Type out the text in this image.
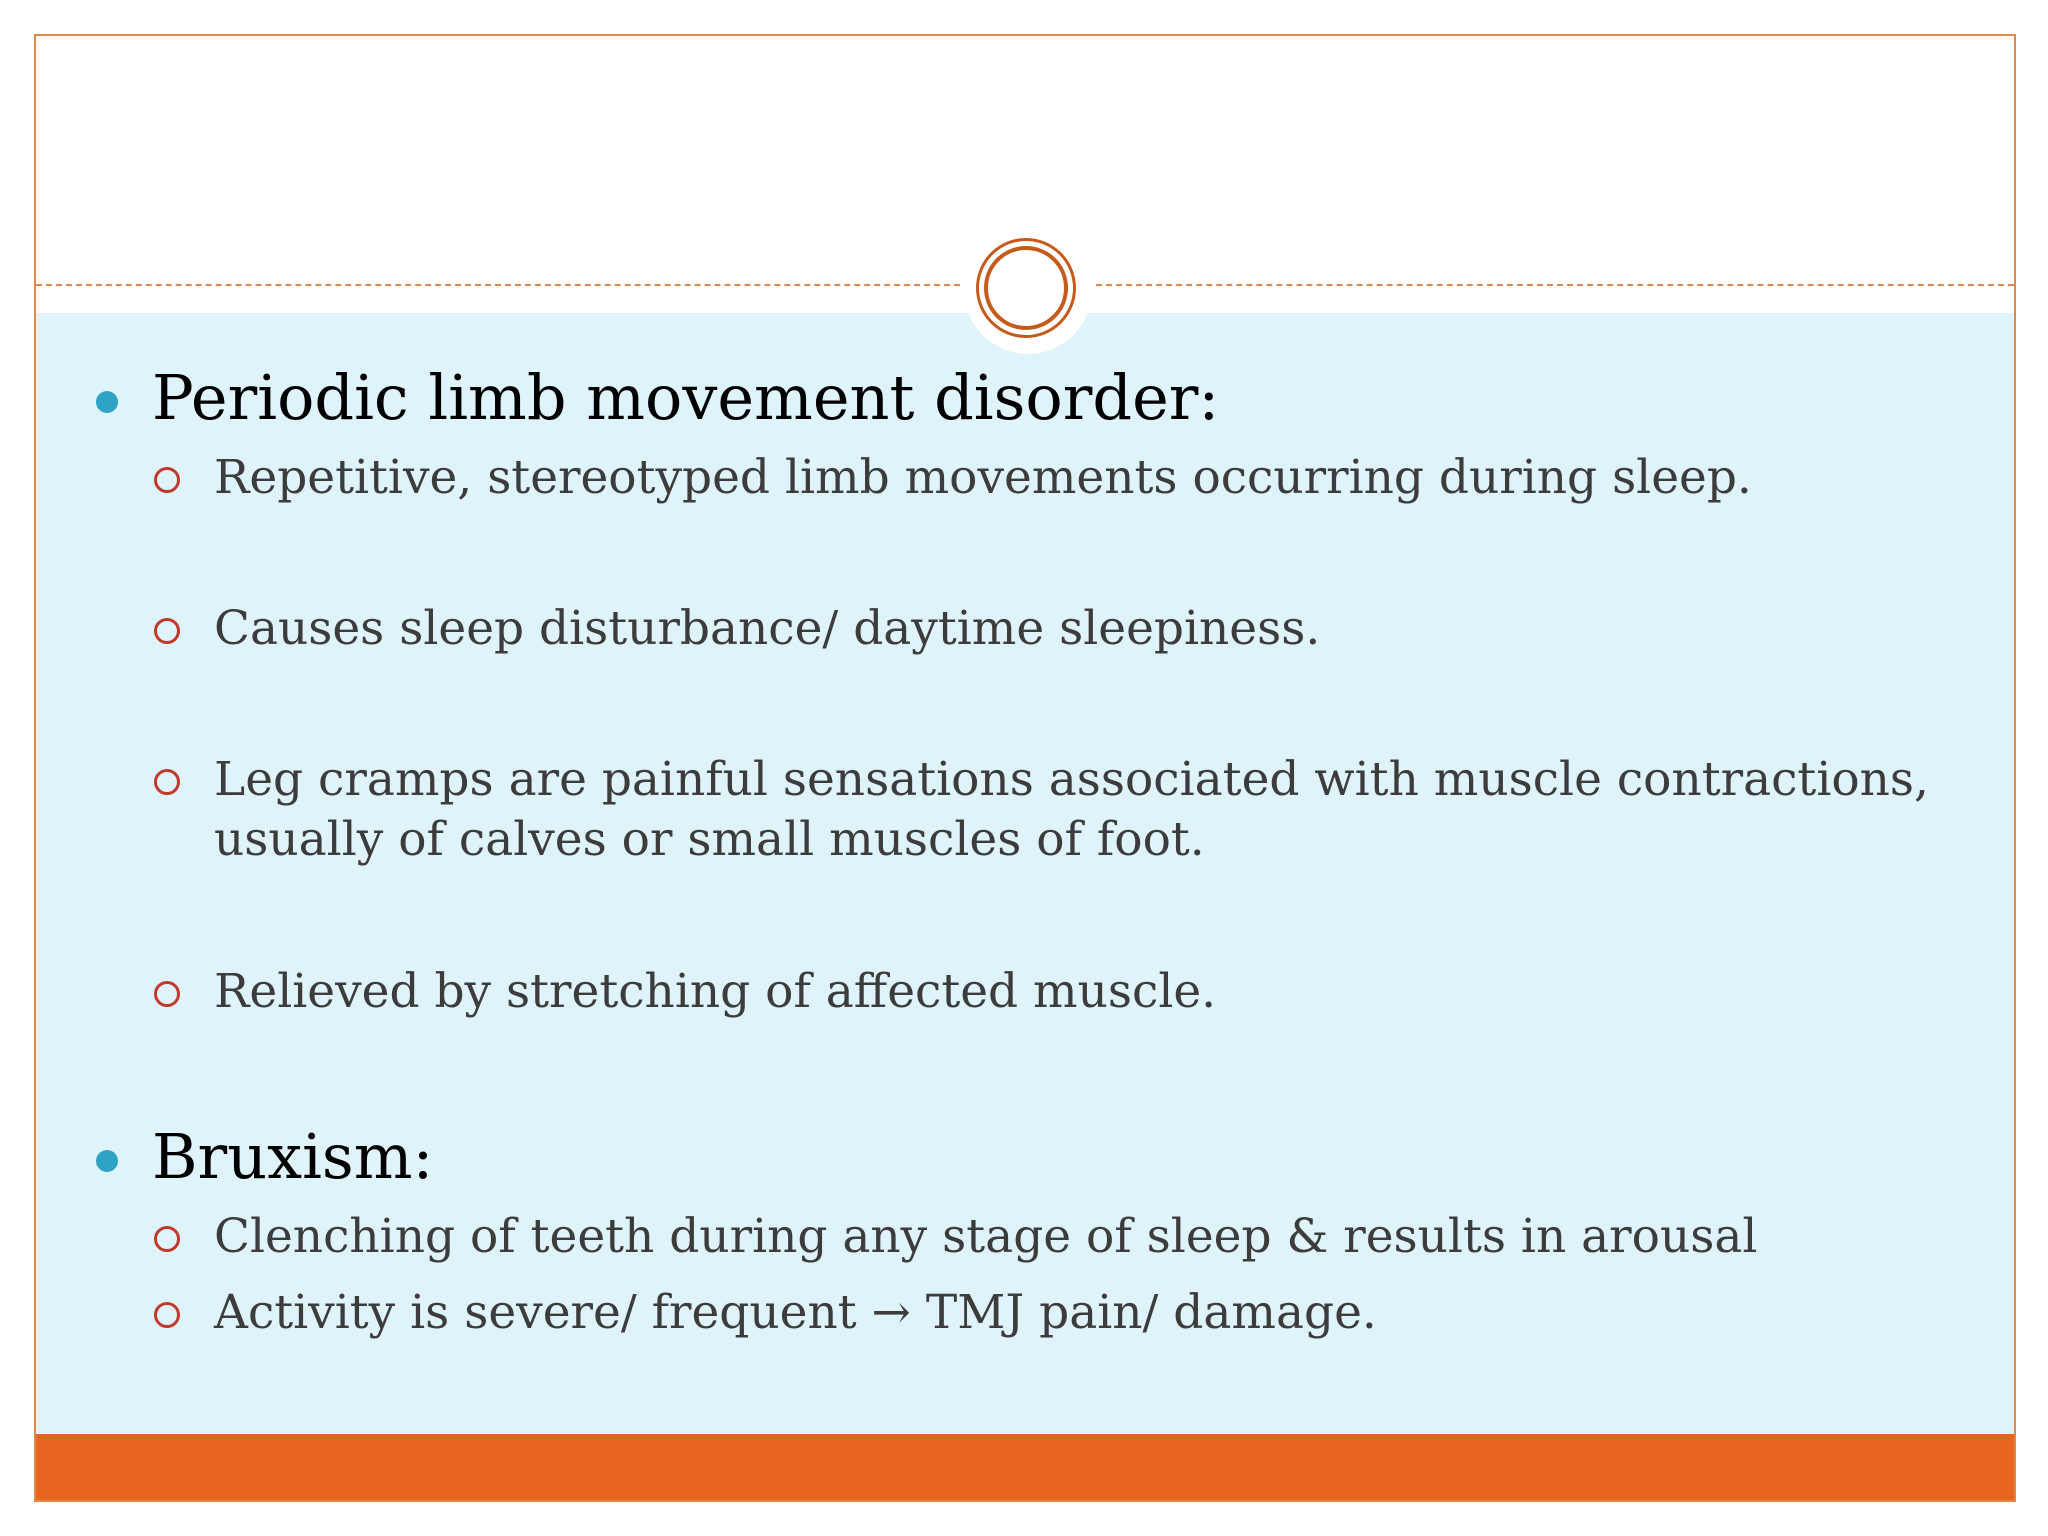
Periodic limb movement disorder:
Repetitive, stereotyped limb movements occurring during sleep.
Causes sleep disturbance/ daytime sleepiness.
Leg cramps are painful sensations associated with muscle contractions, usually of calves or small muscles of foot.
Relieved by stretching of affected muscle.
Bruxism:
Clenching of teeth during any stage of sleep & results in arousal
Activity is severe/ frequent → TMJ pain/ damage.
